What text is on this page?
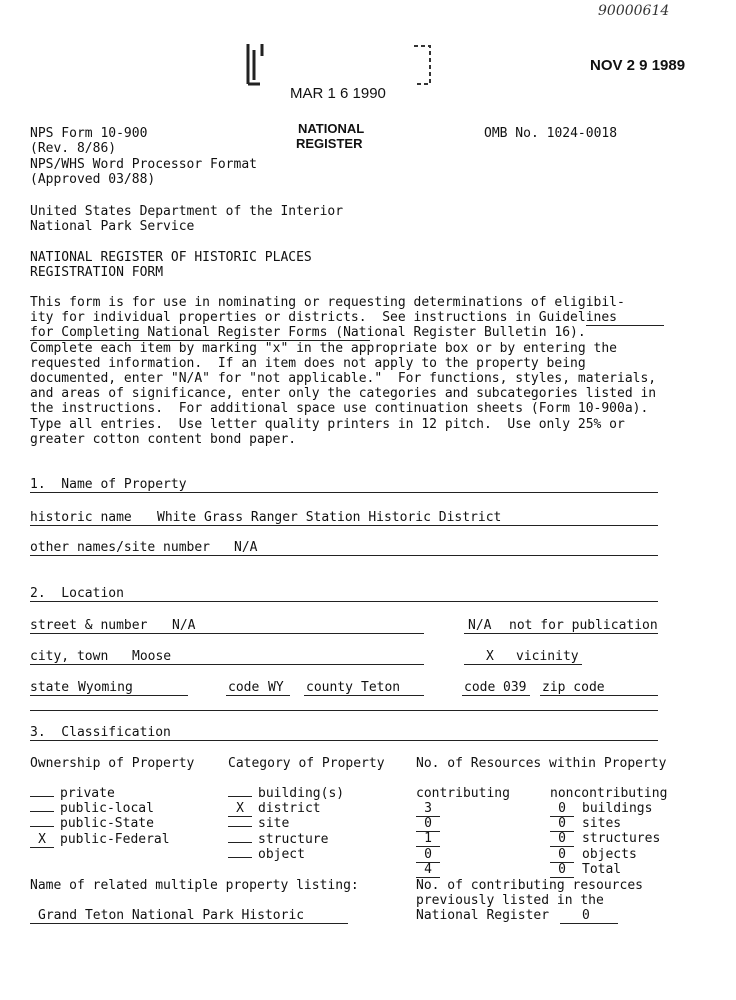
90000614
NOV 2 9 1989
MAR 1 6 1990
NATIONAL
REGISTER
NPS Form 10-900
(Rev. 8/86)
NPS/WHS Word Processor Format
(Approved 03/88)
OMB No. 1024-0018
United States Department of the Interior
National Park Service
NATIONAL REGISTER OF HISTORIC PLACES
REGISTRATION FORM
This form is for use in nominating or requesting determinations of eligibil-
ity for individual properties or districts.  See instructions in Guidelines
for Completing National Register Forms (National Register Bulletin 16).
Complete each item by marking "x" in the appropriate box or by entering the
requested information.  If an item does not apply to the property being
documented, enter "N/A" for "not applicable."  For functions, styles, materials,
and areas of significance, enter only the categories and subcategories listed in
the instructions.  For additional space use continuation sheets (Form 10-900a).
Type all entries.  Use letter quality printers in 12 pitch.  Use only 25% or
greater cotton content bond paper.
1.  Name of Property
historic name White Grass Ranger Station Historic District
other names/site number N/A
2.  Location
street & number N/A	N/A not for publication
city, town Moose	X vicinity
state Wyoming	code WY county Teton	code 039 zip code
3.  Classification
Ownership of Property	Category of Property No. of Resources within Property
private
public-local
public-State
X public-Federal
building(s)
X district
site
structure
object
contributing	noncontributing
3	0 buildings
0	0 sites
1	0 structures
0	0 objects
4	0 Total
Name of related multiple property listing:
Grand Teton National Park Historic
No. of contributing resources
previously listed in the
National Register	0
